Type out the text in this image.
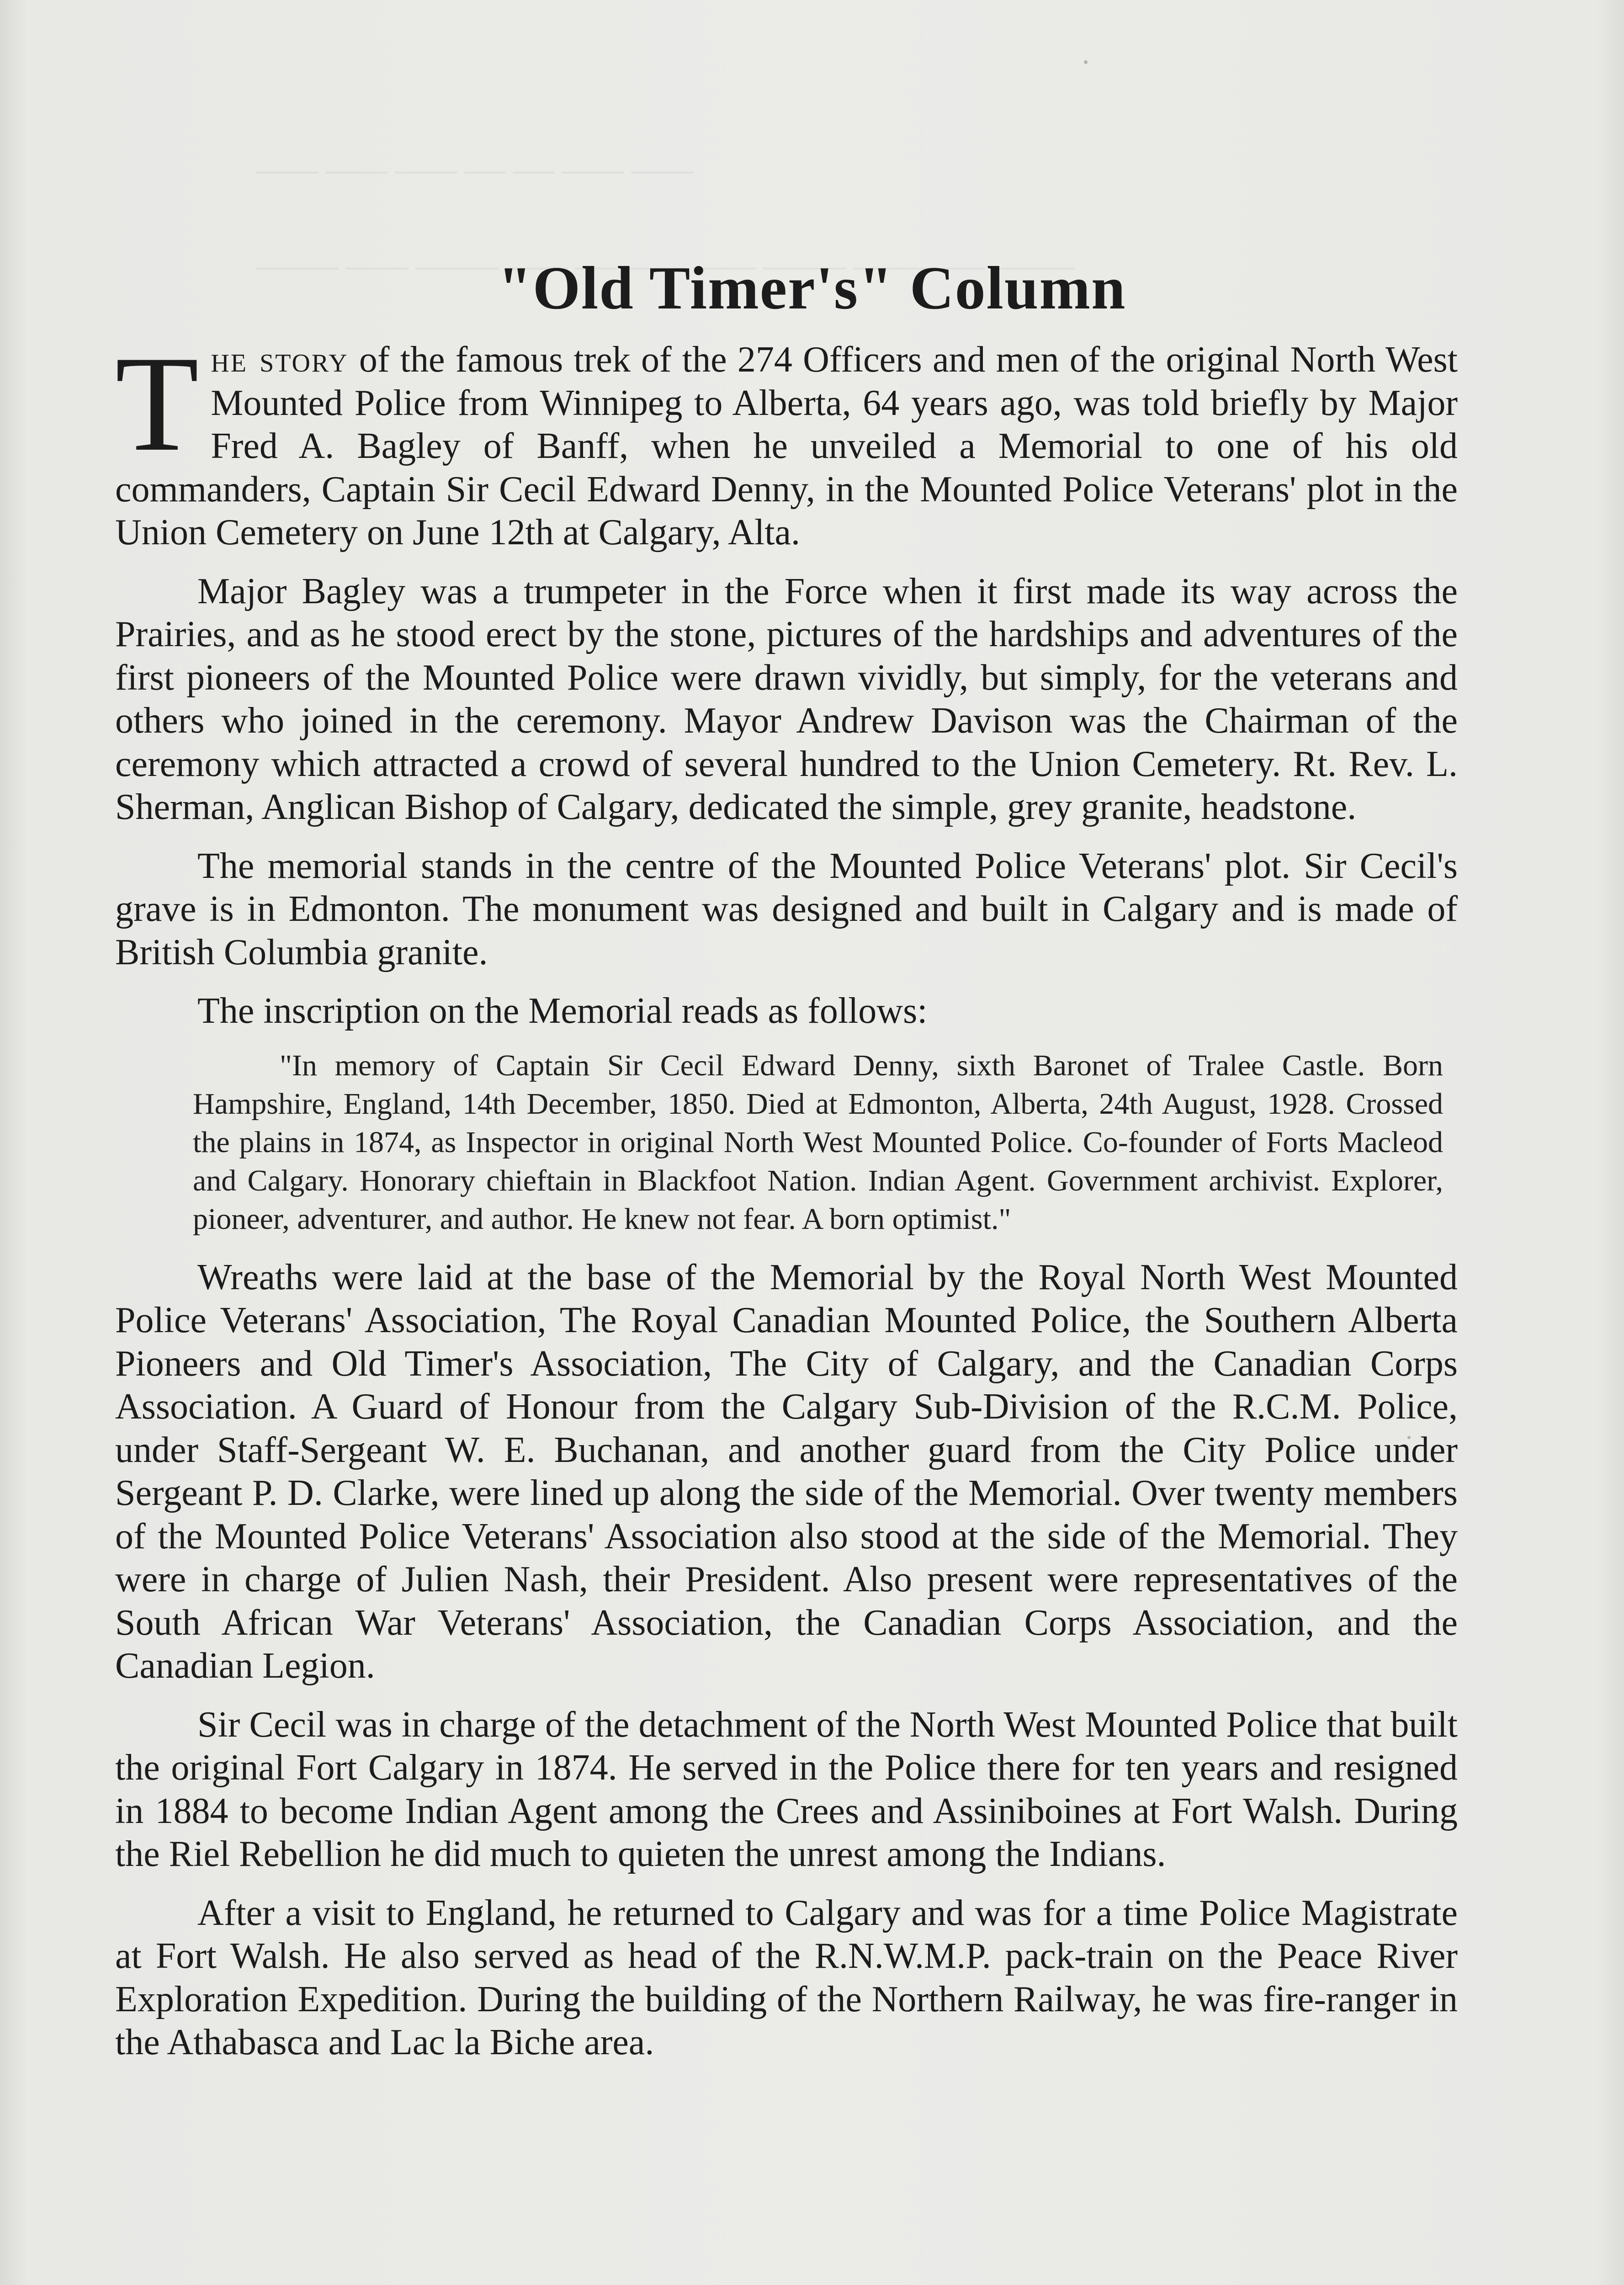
"Old Timer's" Column

The story of the famous trek of the 274 Officers and men of the original North West Mounted Police from Winnipeg to Alberta, 64 years ago, was told briefly by Major Fred A. Bagley of Banff, when he unveiled a Memorial to one of his old commanders, Captain Sir Cecil Edward Denny, in the Mounted Police Veterans' plot in the Union Cemetery on June 12th at Calgary, Alta.

Major Bagley was a trumpeter in the Force when it first made its way across the Prairies, and as he stood erect by the stone, pictures of the hardships and adventures of the first pioneers of the Mounted Police were drawn vividly, but simply, for the veterans and others who joined in the ceremony. Mayor Andrew Davison was the Chairman of the ceremony which attracted a crowd of several hundred to the Union Cemetery. Rt. Rev. L. Sherman, Anglican Bishop of Calgary, dedicated the simple, grey granite, headstone.

The memorial stands in the centre of the Mounted Police Veterans' plot. Sir Cecil's grave is in Edmonton. The monument was designed and built in Calgary and is made of British Columbia granite.

The inscription on the Memorial reads as follows:

"In memory of Captain Sir Cecil Edward Denny, sixth Baronet of Tralee Castle. Born Hampshire, England, 14th December, 1850. Died at Edmonton, Alberta, 24th August, 1928. Crossed the plains in 1874, as Inspector in original North West Mounted Police. Co-founder of Forts Macleod and Calgary. Honorary chieftain in Blackfoot Nation. Indian Agent. Government archivist. Explorer, pioneer, adventurer, and author. He knew not fear. A born optimist."

Wreaths were laid at the base of the Memorial by the Royal North West Mounted Police Veterans' Association, The Royal Canadian Mounted Police, the Southern Alberta Pioneers and Old Timer's Association, The City of Calgary, and the Canadian Corps Association. A Guard of Honour from the Calgary Sub-Division of the R.C.M. Police, under Staff-Sergeant W. E. Buchanan, and another guard from the City Police under Sergeant P. D. Clarke, were lined up along the side of the Memorial. Over twenty members of the Mounted Police Veterans' Association also stood at the side of the Memorial. They were in charge of Julien Nash, their President. Also present were representatives of the South African War Veterans' Association, the Canadian Corps Association, and the Canadian Legion.

Sir Cecil was in charge of the detachment of the North West Mounted Police that built the original Fort Calgary in 1874. He served in the Police there for ten years and resigned in 1884 to become Indian Agent among the Crees and Assiniboines at Fort Walsh. During the Riel Rebellion he did much to quieten the unrest among the Indians.

After a visit to England, he returned to Calgary and was for a time Police Magistrate at Fort Walsh. He also served as head of the R.N.W.M.P. pack-train on the Peace River Exploration Expedition. During the building of the Northern Railway, he was fire-ranger in the Athabasca and Lac la Biche area.
